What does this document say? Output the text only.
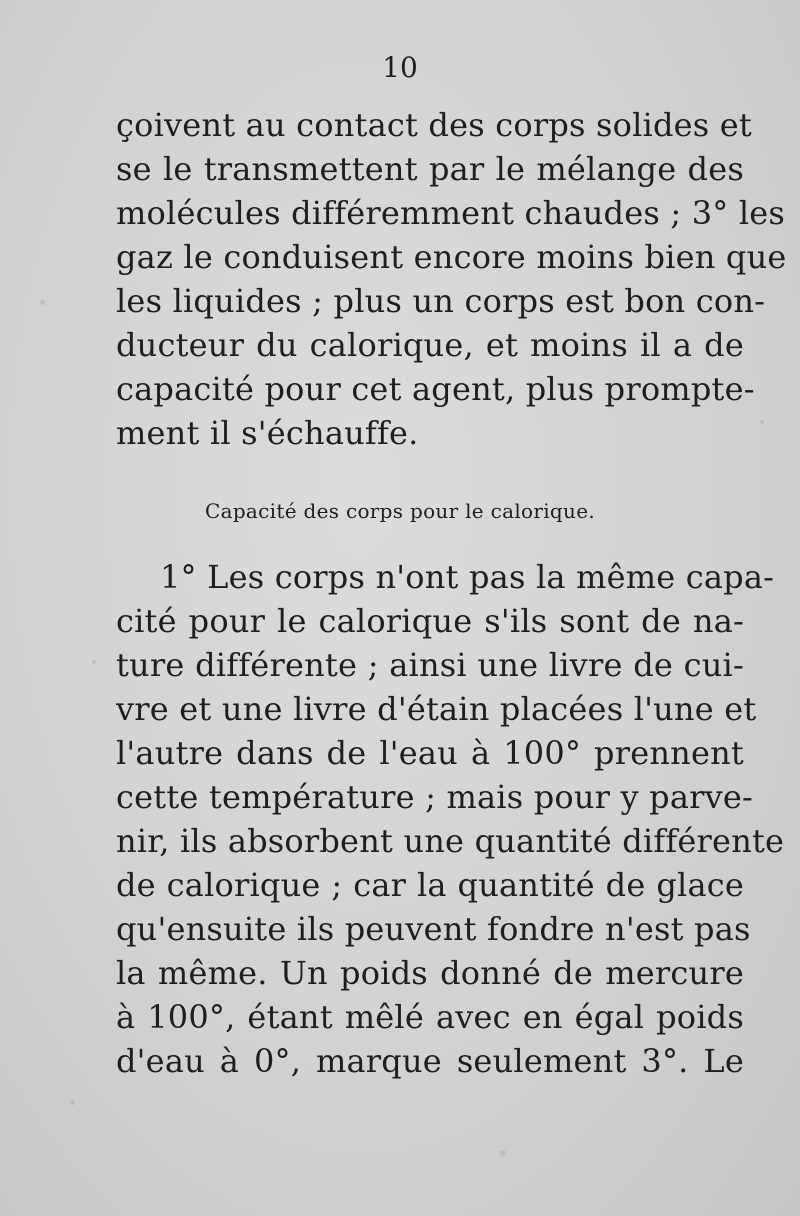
10
çoivent au contact des corps solides et
se le transmettent par le mélange des
molécules différemment chaudes ; 3° les
gaz le conduisent encore moins bien que
les liquides ; plus un corps est bon con-
ducteur du calorique, et moins il a de
capacité pour cet agent, plus prompte-
ment il s'échauffe.
Capacité des corps pour le calorique.
1° Les corps n'ont pas la même capa-
cité pour le calorique s'ils sont de na-
ture différente ; ainsi une livre de cui-
vre et une livre d'étain placées l'une et
l'autre dans de l'eau à 100° prennent
cette température ; mais pour y parve-
nir, ils absorbent une quantité différente
de calorique ; car la quantité de glace
qu'ensuite ils peuvent fondre n'est pas
la même. Un poids donné de mercure
à 100°, étant mêlé avec en égal poids
d'eau à 0°, marque seulement 3°. Le
